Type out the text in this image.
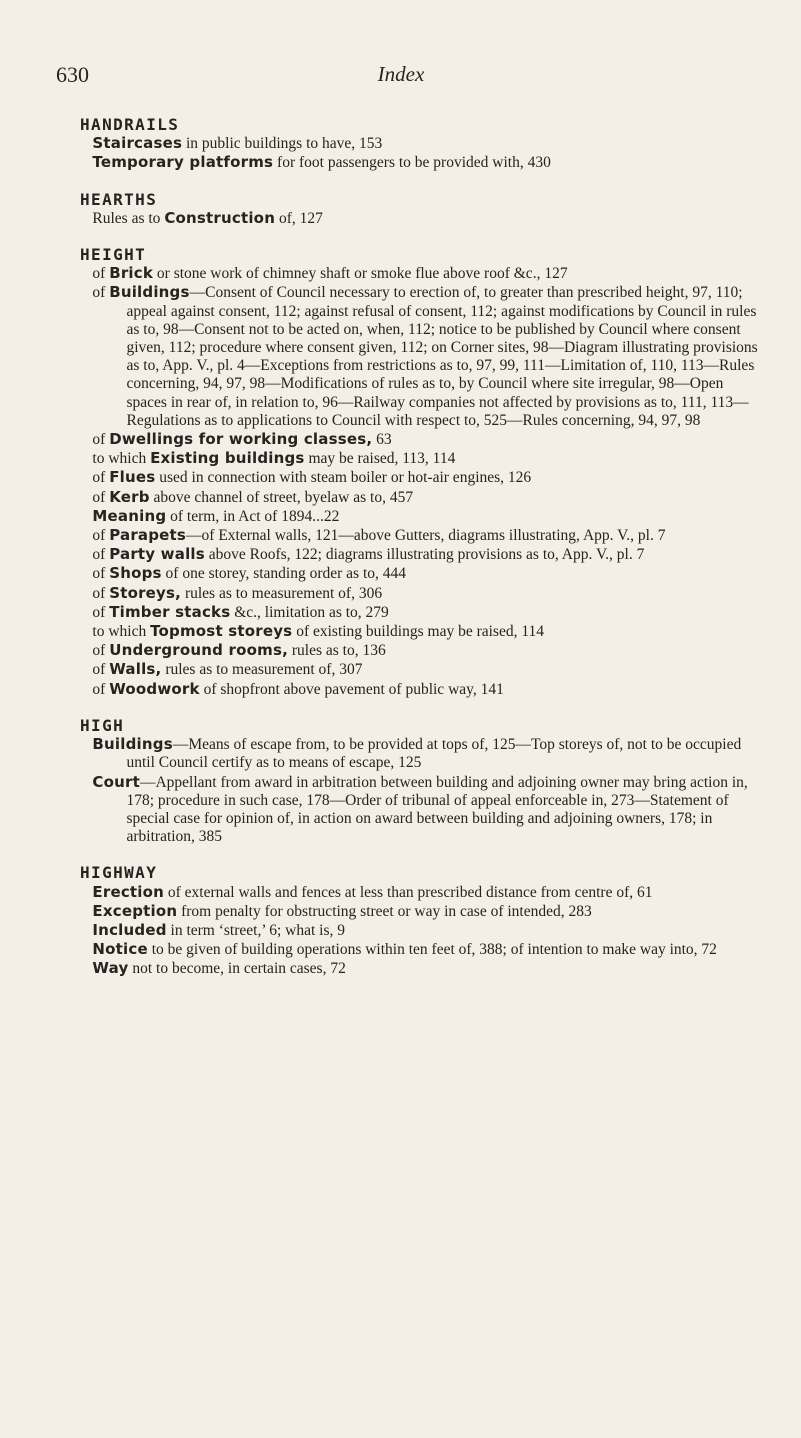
630	Index
HANDRAILS
Staircases in public buildings to have, 153
Temporary platforms for foot passengers to be provided with, 430
HEARTHS
Rules as to Construction of, 127
HEIGHT
of Brick or stone work of chimney shaft or smoke flue above roof &c., 127
of Buildings—Consent of Council necessary to erection of, to greater than prescribed height, 97, 110; appeal against consent, 112; against refusal of consent, 112; against modifications by Council in rules as to, 98—Consent not to be acted on, when, 112; notice to be published by Council where consent given, 112; procedure where consent given, 112; on Corner sites, 98—Diagram illustrating provisions as to, App. V., pl. 4—Exceptions from restrictions as to, 97, 99, 111—Limitation of, 110, 113—Rules concerning, 94, 97, 98—Modifications of rules as to, by Council where site irregular, 98—Open spaces in rear of, in relation to, 96—Railway companies not affected by provisions as to, 111, 113—Regulations as to applications to Council with respect to, 525—Rules concerning, 94, 97, 98
of Dwellings for working classes, 63
to which Existing buildings may be raised, 113, 114
of Flues used in connection with steam boiler or hot-air engines, 126
of Kerb above channel of street, byelaw as to, 457
Meaning of term, in Act of 1894...22
of Parapets—of External walls, 121—above Gutters, diagrams illustrating, App. V., pl. 7
of Party walls above Roofs, 122; diagrams illustrating provisions as to, App. V., pl. 7
of Shops of one storey, standing order as to, 444
of Storeys, rules as to measurement of, 306
of Timber stacks &c., limitation as to, 279
to which Topmost storeys of existing buildings may be raised, 114
of Underground rooms, rules as to, 136
of Walls, rules as to measurement of, 307
of Woodwork of shopfront above pavement of public way, 141
HIGH
Buildings—Means of escape from, to be provided at tops of, 125—Top storeys of, not to be occupied until Council certify as to means of escape, 125
Court—Appellant from award in arbitration between building and adjoining owner may bring action in, 178; procedure in such case, 178—Order of tribunal of appeal enforceable in, 273—Statement of special case for opinion of, in action on award between building and adjoining owners, 178; in arbitration, 385
HIGHWAY
Erection of external walls and fences at less than prescribed distance from centre of, 61
Exception from penalty for obstructing street or way in case of intended, 283
Included in term ‘street,’ 6; what is, 9
Notice to be given of building operations within ten feet of, 388; of intention to make way into, 72
Way not to become, in certain cases, 72
